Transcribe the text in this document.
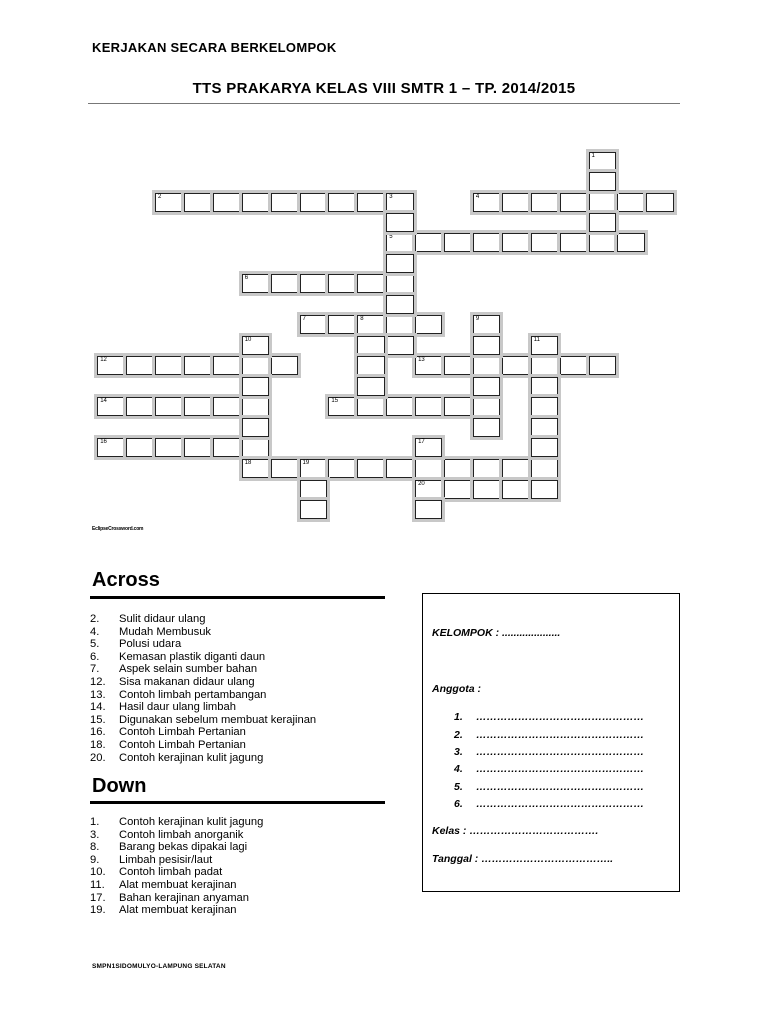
KERJAKAN SECARA BERKELOMPOK
TTS PRAKARYA KELAS VIII SMTR 1 – TP. 2014/2015
2	3	4
5
6
7	8
12	13
14	15
16
18	19
20
1
9
10	11
17
EclipseCrossword.com
Across
2. Sulit didaur ulang
4. Mudah Membusuk
5. Polusi udara
6. Kemasan plastik diganti daun
7. Aspek selain sumber bahan
12. Sisa makanan didaur ulang
13. Contoh limbah pertambangan
14. Hasil daur ulang limbah
15. Digunakan sebelum membuat kerajinan
16. Contoh Limbah Pertanian
18. Contoh Limbah Pertanian
20. Contoh kerajinan kulit jagung
Down
1. Contoh kerajinan kulit jagung
3. Contoh limbah anorganik
8. Barang bekas dipakai lagi
9. Limbah pesisir/laut
10. Contoh limbah padat
11. Alat membuat kerajinan
17. Bahan kerajinan anyaman
19. Alat membuat kerajinan
KELOMPOK : ....................
Anggota :
1. …………………………………………
2. …………………………………………
3. …………………………………………
4. …………………………………………
5. …………………………………………
6. …………………………………………
Kelas : ……………………………….
Tanggal : ………………………………..
SMPN1SIDOMULYO-LAMPUNG SELATAN
